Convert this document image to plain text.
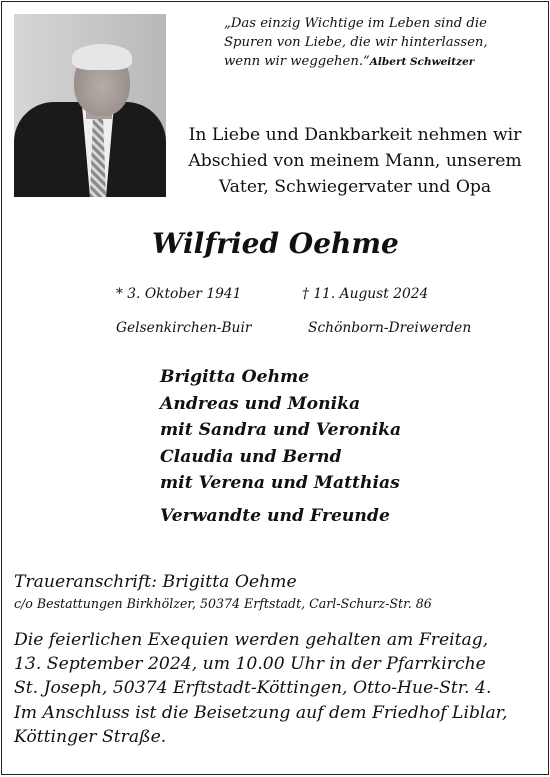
„Das einzig Wichtige im Leben sind die
Spuren von Liebe, die wir hinterlassen,
wenn wir weggehen.“Albert Schweitzer
In Liebe und Dankbarkeit nehmen wir
Abschied von meinem Mann, unserem
Vater, Schwiegervater und Opa
Wilfried Oehme
* 3. Oktober 1941	† 11. August 2024
Gelsenkirchen-Buir	Schönborn-Dreiwerden
Brigitta Oehme
Andreas und Monika
mit Sandra und Veronika
Claudia und Bernd
mit Verena und Matthias
Verwandte und Freunde
Traueranschrift: Brigitta Oehme
c/o Bestattungen Birkhölzer, 50374 Erftstadt, Carl-Schurz-Str. 86
Die feierlichen Exequien werden gehalten am Freitag,
13. September 2024, um 10.00 Uhr in der Pfarrkirche
St. Joseph, 50374 Erftstadt-Köttingen, Otto-Hue-Str. 4.
Im Anschluss ist die Beisetzung auf dem Friedhof Liblar,
Köttinger Straße.
